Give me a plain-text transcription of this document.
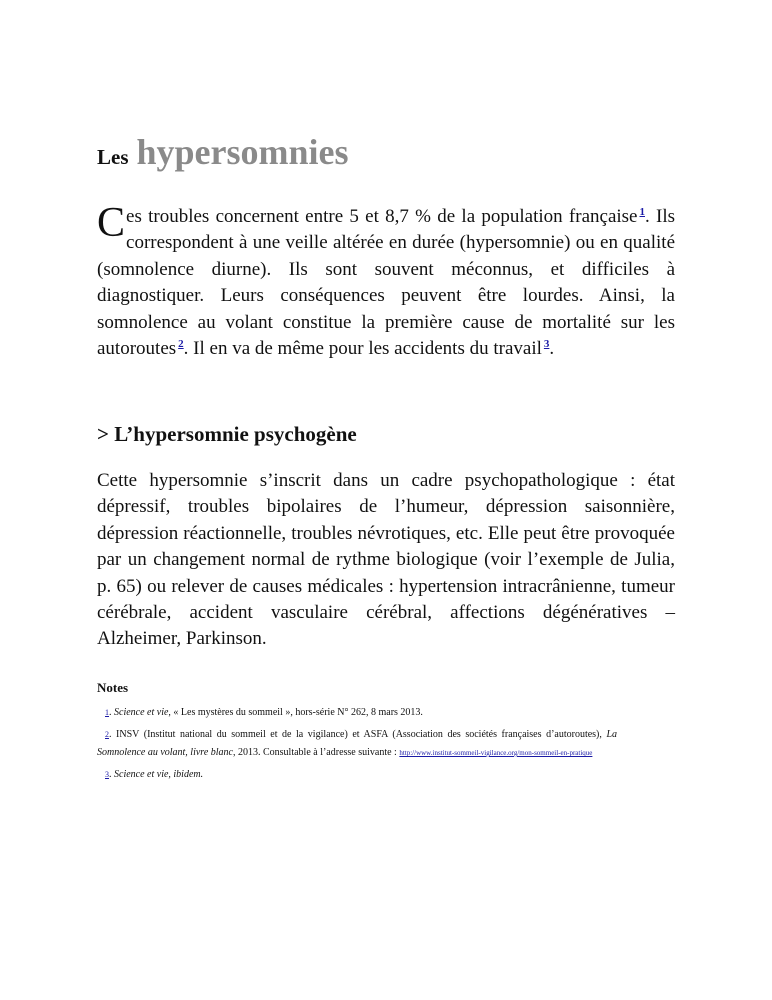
Les hypersomnies

Ces troubles concernent entre 5 et 8,7 % de la population française $^1$. Ils correspondent à une veille altérée en durée (hypersomnie) ou en qualité (somnolence diurne). Ils sont souvent méconnus, et difficiles à diagnostiquer. Leurs conséquences peuvent être lourdes. Ainsi, la somnolence au volant constitue la première cause de mortalité sur les autoroutes $^2$. Il en va de même pour les accidents du travail $^3$.

> L’hypersomnie psychogène

Cette hypersomnie s’inscrit dans un cadre psychopathologique : état dépressif, troubles bipolaires de l’humeur, dépression saisonnière, dépression réactionnelle, troubles névrotiques, etc. Elle peut être provoquée par un changement normal de rythme biologique (voir l’exemple de Julia, p. 65) ou relever de causes médicales : hypertension intracrânienne, tumeur cérébrale, accident vasculaire cérébral, affections dégénératives – Alzheimer, Parkinson.

Notes
1. Science et vie, « Les mystères du sommeil », hors-série N° 262, 8 mars 2013.
2. INSV (Institut national du sommeil et de la vigilance) et ASFA (Association des sociétés françaises d’autoroutes), La Somnolence au volant, livre blanc, 2013. Consultable à l’adresse suivante : http://www.institut-sommeil-vigilance.org/mon-sommeil-en-pratique
3. Science et vie, ibidem.
